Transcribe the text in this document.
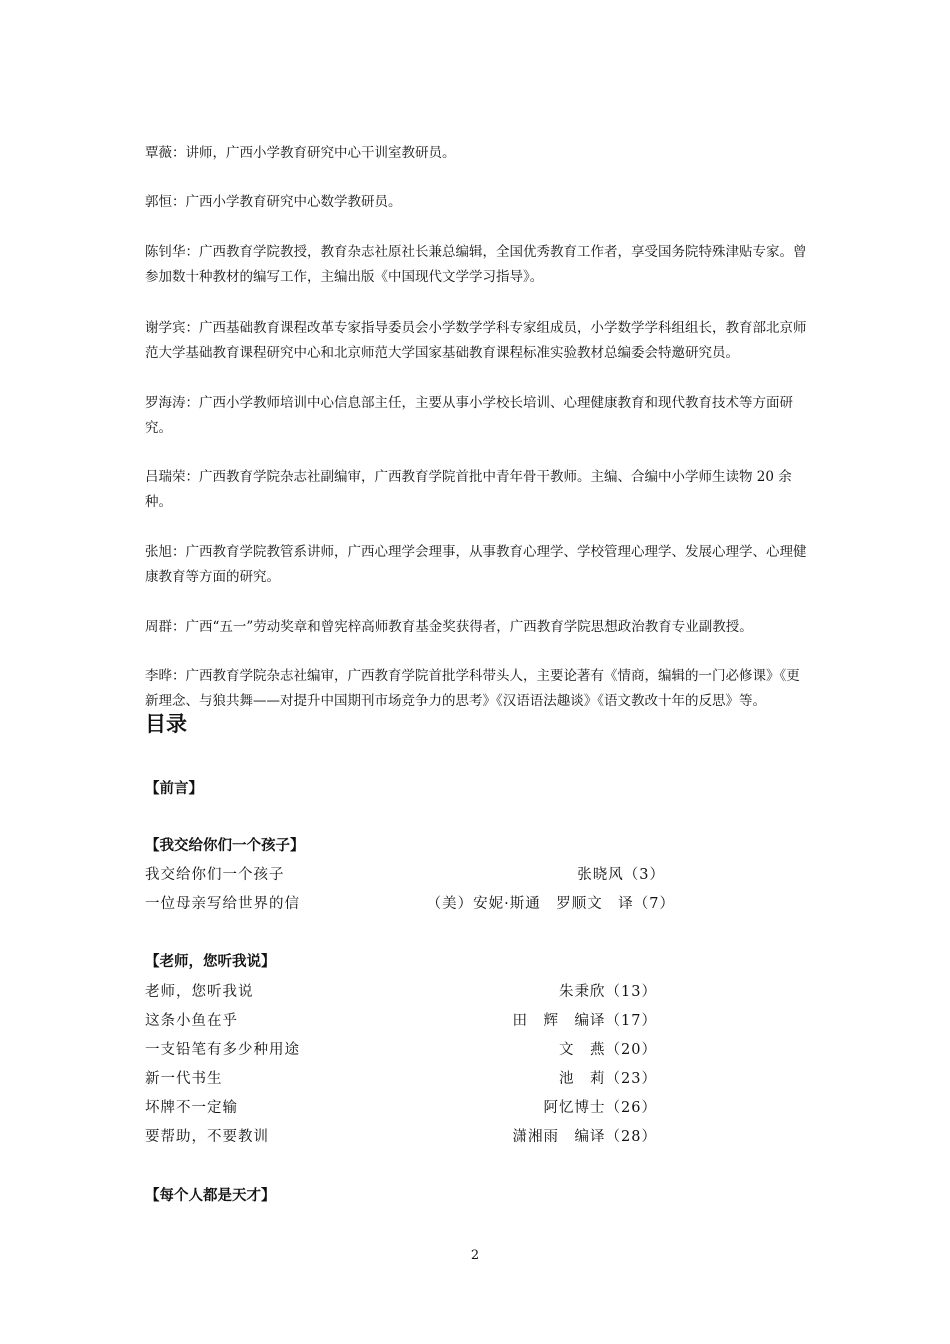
覃薇：讲师，广西小学教育研究中心干训室教研员。

郭恒：广西小学教育研究中心数学教研员。

陈钊华：广西教育学院教授，教育杂志社原社长兼总编辑，全国优秀教育工作者，享受国务院特殊津贴专家。曾参加数十种教材的编写工作，主编出版《中国现代文学学习指导》。

谢学宾：广西基础教育课程改革专家指导委员会小学数学学科专家组成员，小学数学学科组组长，教育部北京师范大学基础教育课程研究中心和北京师范大学国家基础教育课程标准实验教材总编委会特邀研究员。

罗海涛：广西小学教师培训中心信息部主任，主要从事小学校长培训、心理健康教育和现代教育技术等方面研究。

吕瑞荣：广西教育学院杂志社副编审，广西教育学院首批中青年骨干教师。主编、合编中小学师生读物 20 余种。

张旭：广西教育学院教管系讲师，广西心理学会理事，从事教育心理学、学校管理心理学、发展心理学、心理健康教育等方面的研究。

周群：广西“五一”劳动奖章和曾宪梓高师教育基金奖获得者，广西教育学院思想政治教育专业副教授。

李晔：广西教育学院杂志社编审，广西教育学院首批学科带头人，主要论著有《情商，编辑的一门必修课》《更新理念、与狼共舞——对提升中国期刊市场竞争力的思考》《汉语语法趣谈》《语文教改十年的反思》等。

目录
【前言】
【我交给你们一个孩子】
我交给你们一个孩子	张晓风（3）
一位母亲写给世界的信	（美）安妮·斯通　罗顺文　译（7）
【老师，您听我说】
老师，您听我说	朱秉欣（13）
这条小鱼在乎	田　辉　编译（17）
一支铅笔有多少种用途	文　燕（20）
新一代书生	池　莉（23）
坏牌不一定输	阿忆博士（26）
要帮助，不要教训	潇湘雨　编译（28）
【每个人都是天才】
2
